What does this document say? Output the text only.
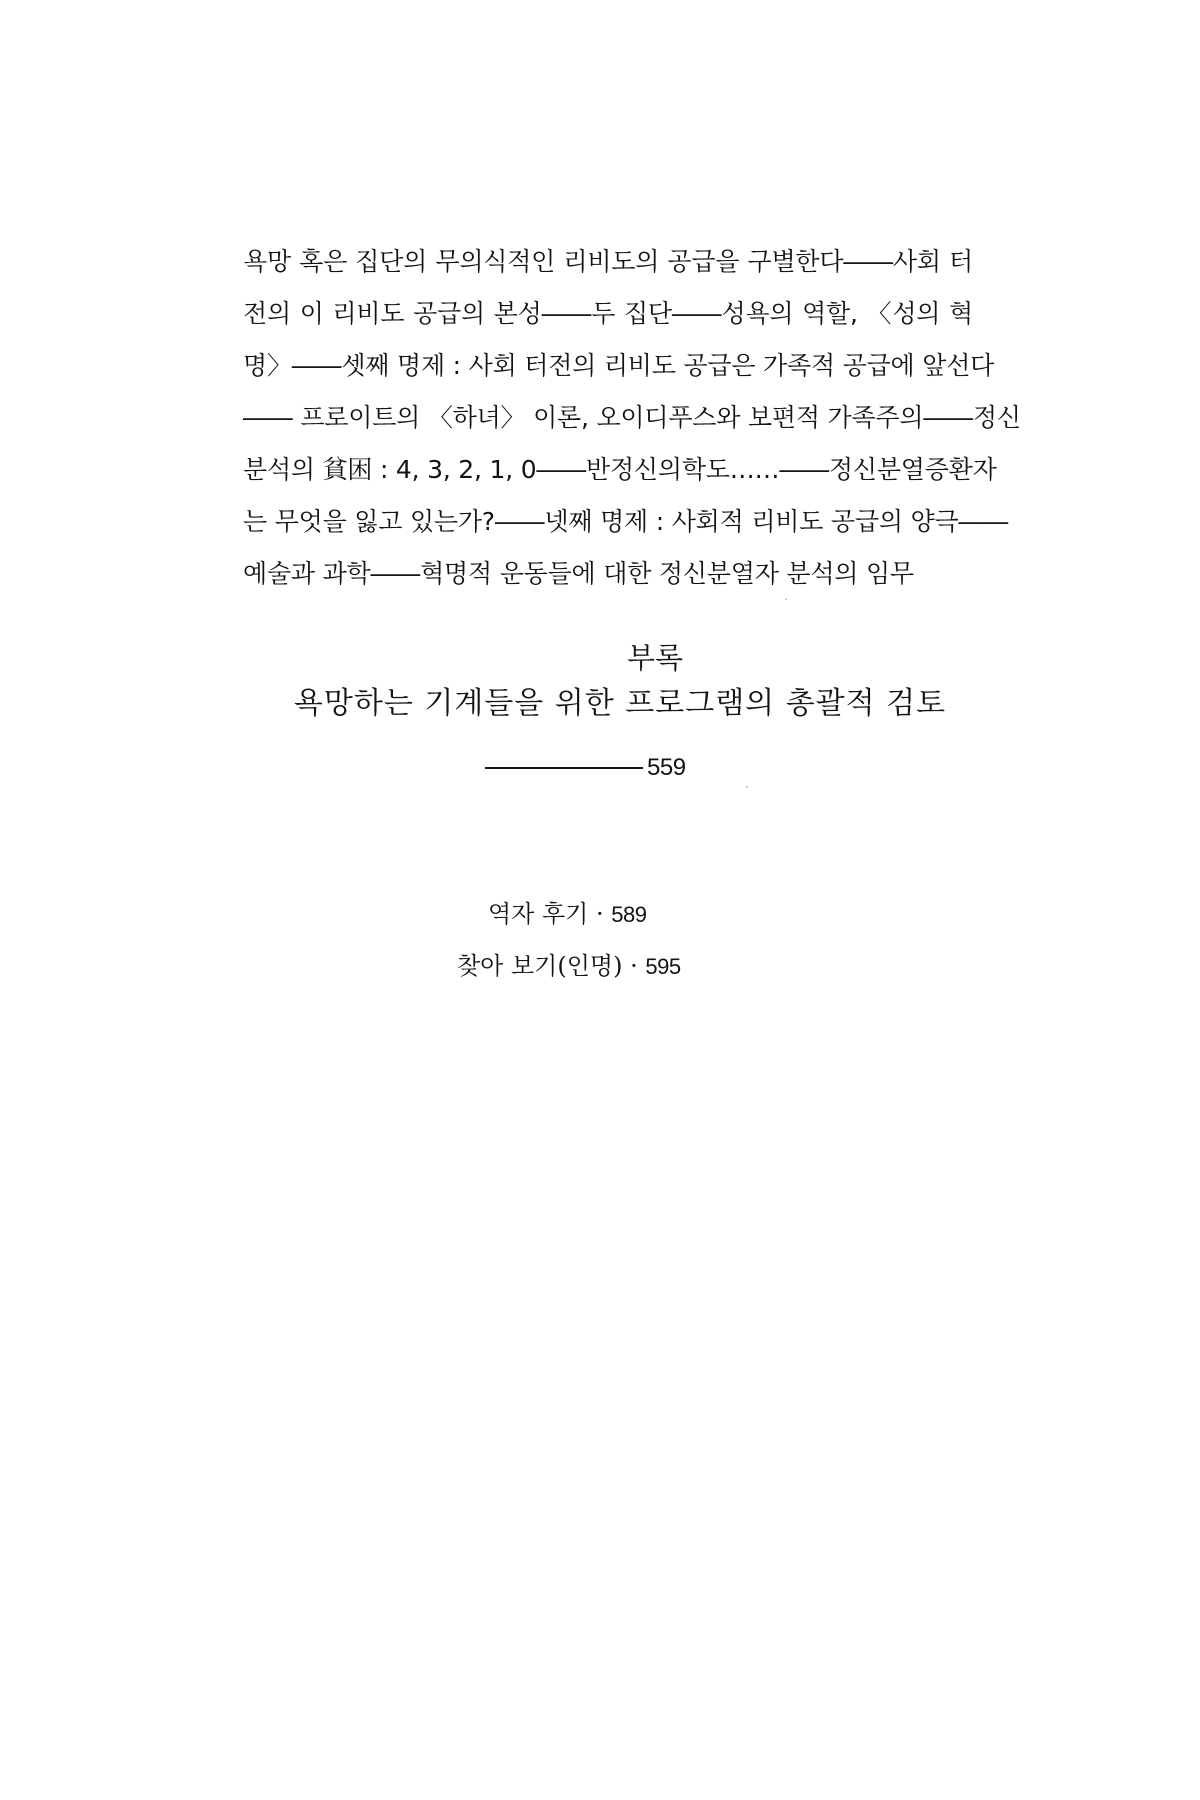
욕망 혹은 집단의 무의식적인 리비도의 공급을 구별한다――사회 터
전의 이 리비도 공급의 본성――두 집단――성욕의 역할, 〈성의 혁
명〉――셋째 명제 : 사회 터전의 리비도 공급은 가족적 공급에 앞선다
―― 프로이트의 〈하녀〉 이론, 오이디푸스와 보편적 가족주의――정신
분석의 貧困 : 4, 3, 2, 1, 0――반정신의학도……――정신분열증환자
는 무엇을 잃고 있는가?――넷째 명제 : 사회적 리비도 공급의 양극――
예술과 과학――혁명적 운동들에 대한 정신분열자 분석의 임무
부록
욕망하는 기계들을 위한 프로그램의 총괄적 검토
559
역자 후기 · 589
찾아 보기(인명) · 595
